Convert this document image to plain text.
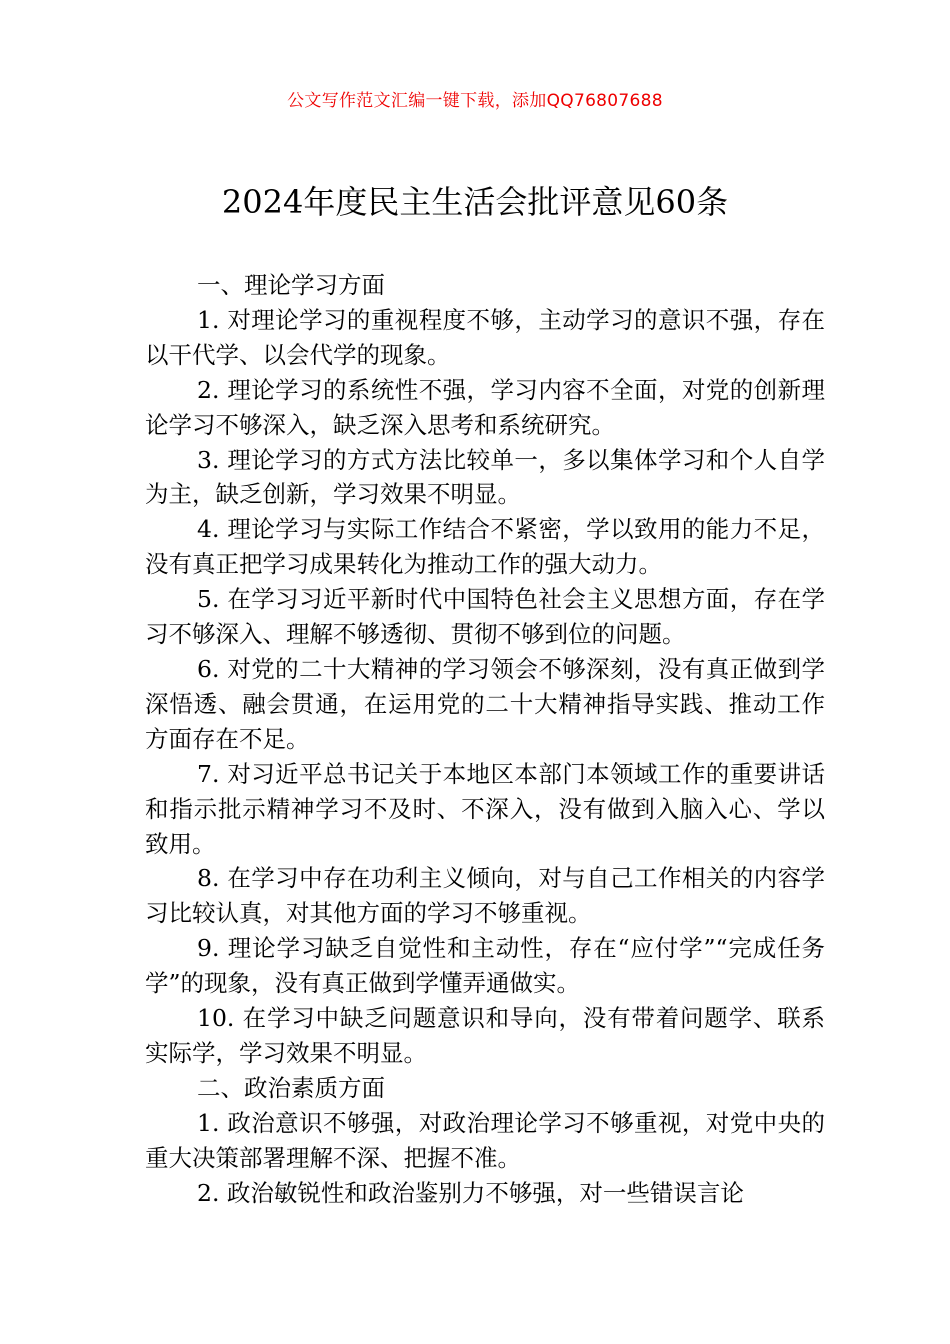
公文写作范文汇编一键下载，添加QQ76807688
2024年度民主生活会批评意见60条

一、理论学习方面

1. 对理论学习的重视程度不够，主动学习的意识不强，存在以干代学、以会代学的现象。

2. 理论学习的系统性不强，学习内容不全面，对党的创新理论学习不够深入，缺乏深入思考和系统研究。

3. 理论学习的方式方法比较单一，多以集体学习和个人自学为主，缺乏创新，学习效果不明显。

4. 理论学习与实际工作结合不紧密，学以致用的能力不足，没有真正把学习成果转化为推动工作的强大动力。

5. 在学习习近平新时代中国特色社会主义思想方面，存在学习不够深入、理解不够透彻、贯彻不够到位的问题。

6. 对党的二十大精神的学习领会不够深刻，没有真正做到学深悟透、融会贯通，在运用党的二十大精神指导实践、推动工作方面存在不足。

7. 对习近平总书记关于本地区本部门本领域工作的重要讲话和指示批示精神学习不及时、不深入，没有做到入脑入心、学以致用。

8. 在学习中存在功利主义倾向，对与自己工作相关的内容学习比较认真，对其他方面的学习不够重视。

9. 理论学习缺乏自觉性和主动性，存在“应付学”“完成任务学”的现象，没有真正做到学懂弄通做实。

10. 在学习中缺乏问题意识和导向，没有带着问题学、联系实际学，学习效果不明显。

二、政治素质方面

1. 政治意识不够强，对政治理论学习不够重视，对党中央的重大决策部署理解不深、把握不准。

2. 政治敏锐性和政治鉴别力不够强，对一些错误言论
